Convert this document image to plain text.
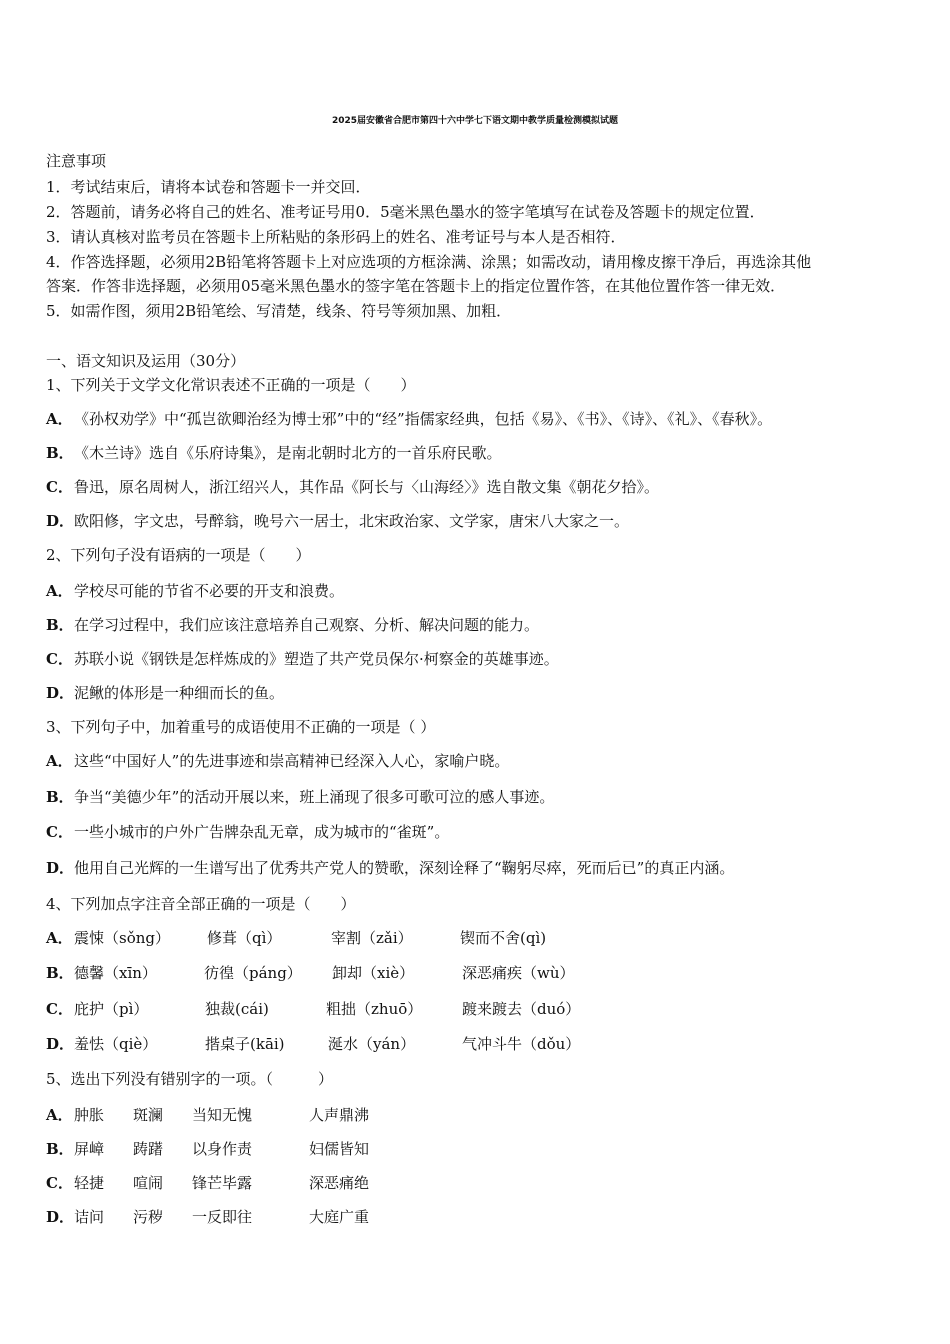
2025届安徽省合肥市第四十六中学七下语文期中教学质量检测模拟试题
注意事项
1．考试结束后，请将本试卷和答题卡一并交回．
2．答题前，请务必将自己的姓名、准考证号用0．5毫米黑色墨水的签字笔填写在试卷及答题卡的规定位置．
3．请认真核对监考员在答题卡上所粘贴的条形码上的姓名、准考证号与本人是否相符．
4．作答选择题，必须用2B铅笔将答题卡上对应选项的方框涂满、涂黑；如需改动，请用橡皮擦干净后，再选涂其他
答案．作答非选择题，必须用05毫米黑色墨水的签字笔在答题卡上的指定位置作答，在其他位置作答一律无效．
5．如需作图，须用2B铅笔绘、写清楚，线条、符号等须加黑、加粗．
一、语文知识及运用（30分）
1、下列关于文学文化常识表述不正确的一项是（　　）
A．《孙权劝学》中“孤岂欲卿治经为博士邪”中的“经”指儒家经典，包括《易》、《书》、《诗》、《礼》、《春秋》。
B．《木兰诗》选自《乐府诗集》，是南北朝时北方的一首乐府民歌。
C．鲁迅，原名周树人，浙江绍兴人，其作品《阿长与〈山海经〉》选自散文集《朝花夕拾》。
D．欧阳修，字文忠，号醉翁，晚号六一居士，北宋政治家、文学家，唐宋八大家之一。
2、下列句子没有语病的一项是（　　）
A．学校尽可能的节省不必要的开支和浪费。
B．在学习过程中，我们应该注意培养自己观察、分析、解决问题的能力。
C．苏联小说《钢铁是怎样炼成的》塑造了共产党员保尔·柯察金的英雄事迹。
D．泥鳅的体形是一种细而长的鱼。
3、下列句子中，加着重号的成语使用不正确的一项是（ ）
A．这些“中国好人”的先进事迹和崇高精神已经深入人心，家喻户晓。
B．争当“美德少年”的活动开展以来，班上涌现了很多可歌可泣的感人事迹。
C．一些小城市的户外广告牌杂乱无章，成为城市的“雀斑”。
D．他用自己光辉的一生谱写出了优秀共产党人的赞歌，深刻诠释了“鞠躬尽瘁，死而后已”的真正内涵。
4、下列加点字注音全部正确的一项是（　　）
A． 震悚（sǒng） 修葺（qì）	宰割（zǎi）	锲而不舍(qì)
B． 德馨（xīn）	彷徨（páng） 卸却（xiè）	深恶痛疾（wù）
C． 庇护（pì）	独裁(cái)	粗拙（zhuō）	踱来踱去（duó）
D． 羞怯（qiè）	揩桌子(kāi)	涎水（yán）	气冲斗牛（dǒu）
5、选出下列没有错别字的一项。（　　　）
A． 肿胀 斑澜 当知无愧	人声鼎沸
B． 屏嶂 踌躇 以身作责	妇儒皆知
C． 轻捷 喧闹 锋芒毕露	深恶痛绝
D． 诘问 污秽 一反即往	大庭广重
